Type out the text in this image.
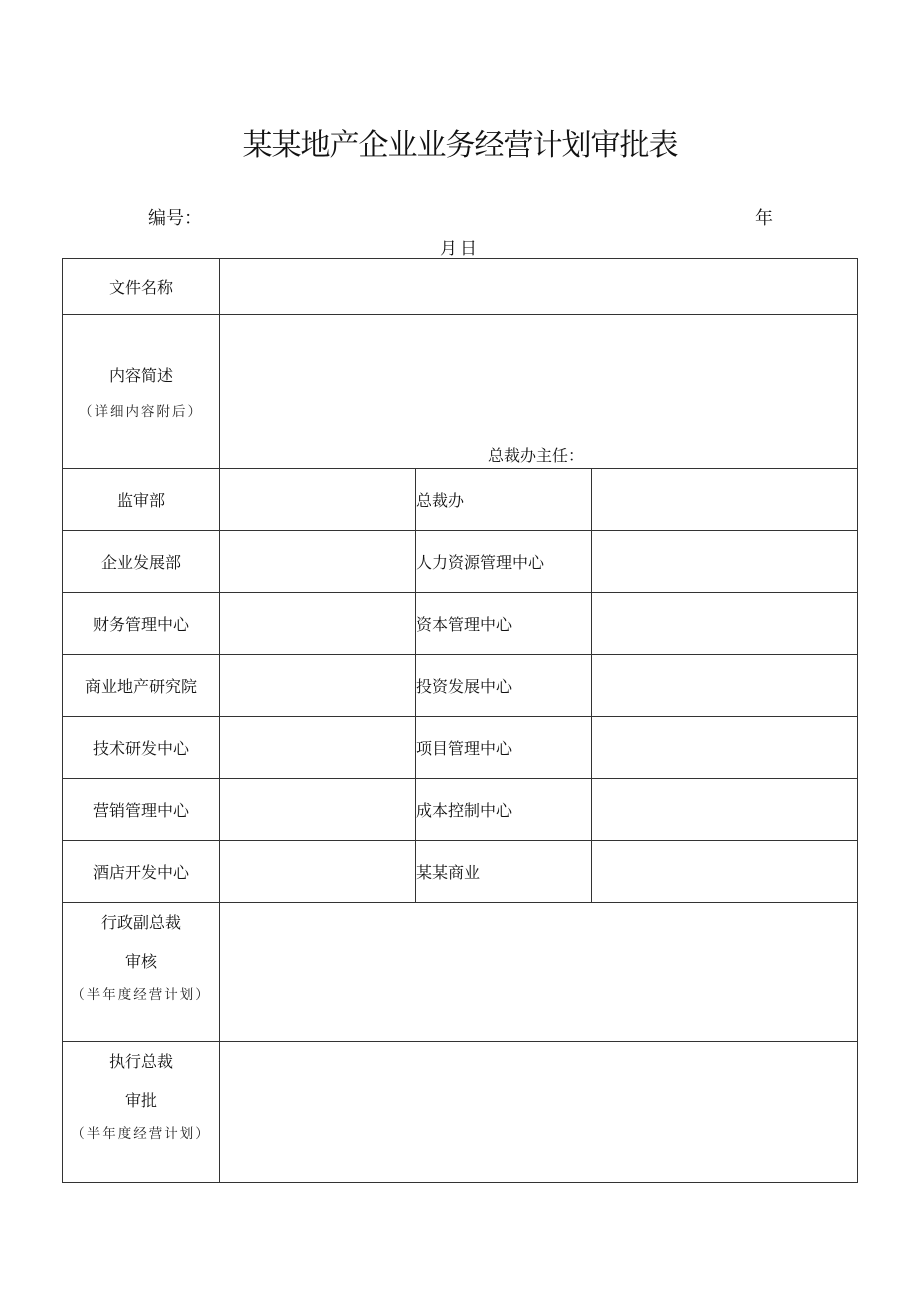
某某地产企业业务经营计划审批表
编号：	年
月日
文件名称			
内容简述
（详细内容附后）	总裁办主任：		

监审部		总裁办	
企业发展部		人力资源管理中心	
财务管理中心		资本管理中心	
商业地产研究院		投资发展中心	
技术研发中心		项目管理中心	
营销管理中心		成本控制中心	
酒店开发中心		某某商业	

行政副总裁
审核
（半年度经营计划）			

执行总裁
审批
（半年度经营计划）			
